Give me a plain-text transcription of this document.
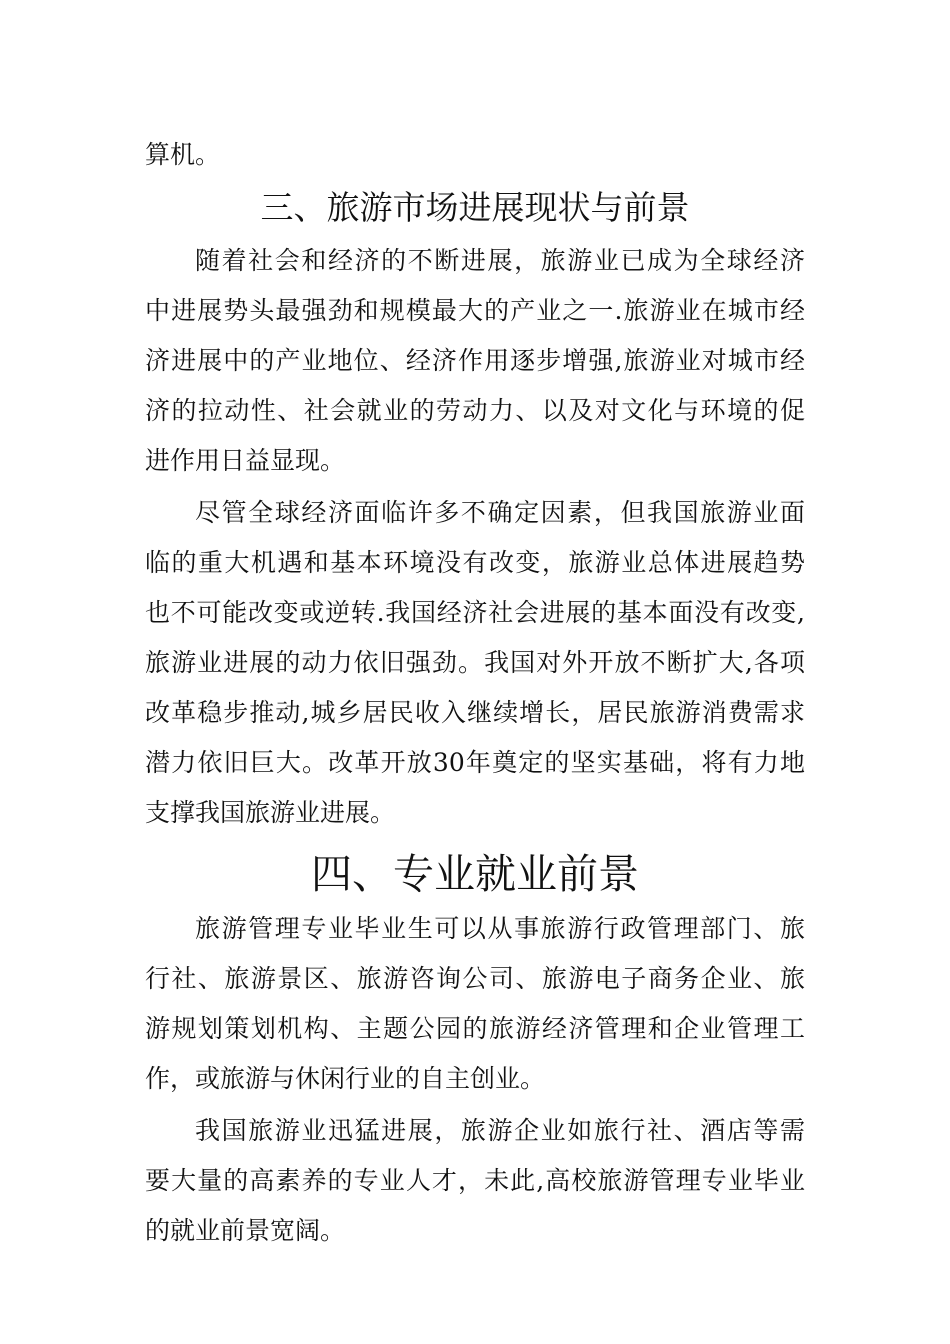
算机。
三、旅游市场进展现状与前景
随着社会和经济的不断进展，旅游业已成为全球经济
中进展势头最强劲和规模最大的产业之一.旅游业在城市经
济进展中的产业地位、经济作用逐步增强,旅游业对城市经
济的拉动性、社会就业的劳动力、以及对文化与环境的促
进作用日益显现。
尽管全球经济面临许多不确定因素，但我国旅游业面
临的重大机遇和基本环境没有改变，旅游业总体进展趋势
也不可能改变或逆转.我国经济社会进展的基本面没有改变,
旅游业进展的动力依旧强劲。我国对外开放不断扩大,各项
改革稳步推动,城乡居民收入继续增长，居民旅游消费需求
潜力依旧巨大。改革开放30年奠定的坚实基础，将有力地
支撑我国旅游业进展。
四、专业就业前景
旅游管理专业毕业生可以从事旅游行政管理部门、旅
行社、旅游景区、旅游咨询公司、旅游电子商务企业、旅
游规划策划机构、主题公园的旅游经济管理和企业管理工
作，或旅游与休闲行业的自主创业。
我国旅游业迅猛进展，旅游企业如旅行社、酒店等需
要大量的高素养的专业人才，未此,高校旅游管理专业毕业
的就业前景宽阔。
